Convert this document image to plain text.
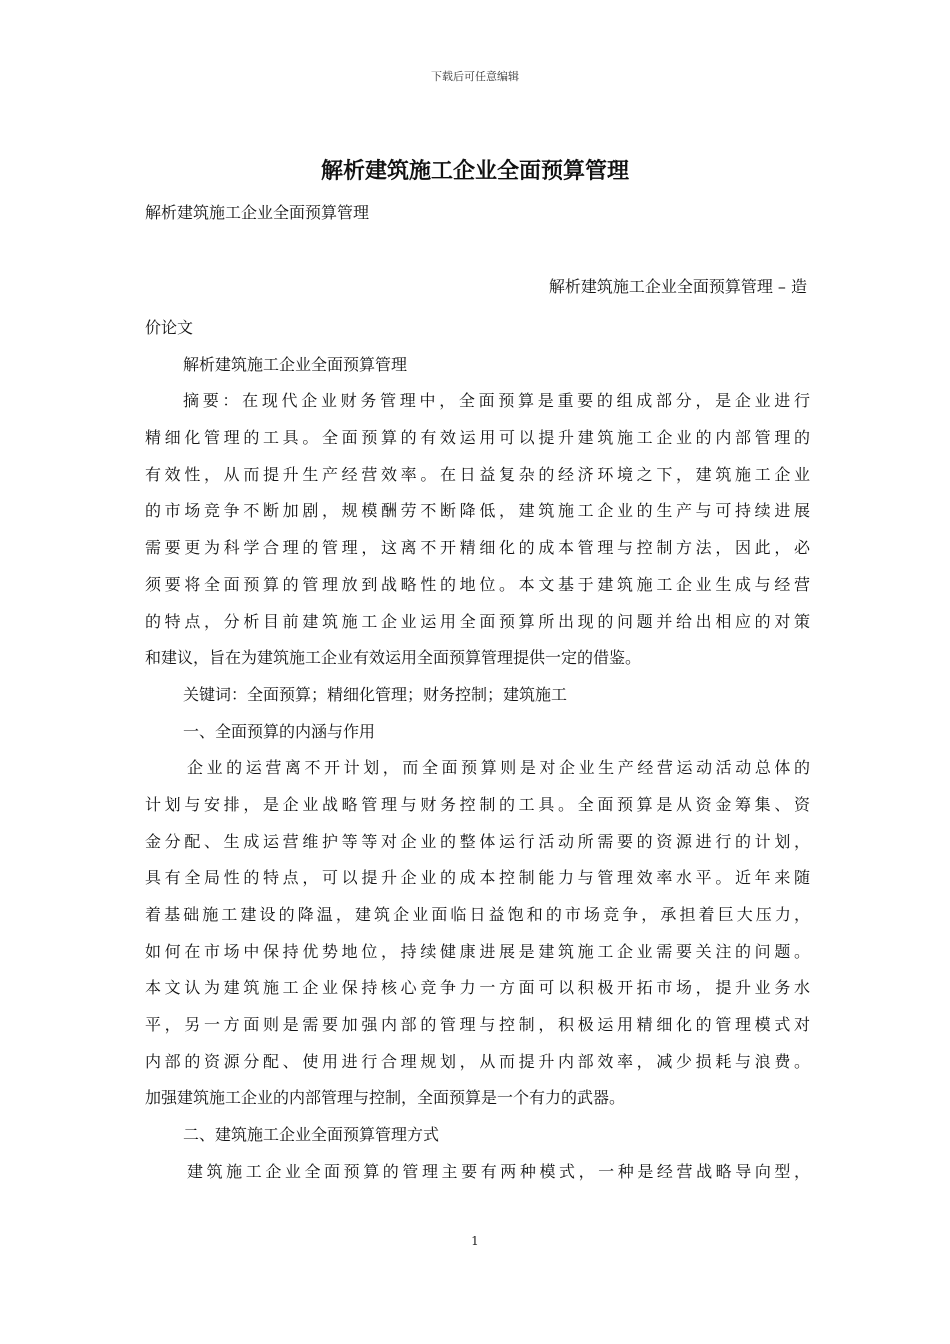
下载后可任意编辑
解析建筑施工企业全面预算管理
解析建筑施工企业全面预算管理
解析建筑施工企业全面预算管理 – 造
价论文
解析建筑施工企业全面预算管理
摘要：在现代企业财务管理中，全面预算是重要的组成部分，是企业进行
精细化管理的工具。全面预算的有效运用可以提升建筑施工企业的内部管理的
有效性，从而提升生产经营效率。在日益复杂的经济环境之下，建筑施工企业
的市场竞争不断加剧，规模酬劳不断降低，建筑施工企业的生产与可持续进展
需要更为科学合理的管理，这离不开精细化的成本管理与控制方法，因此，必
须要将全面预算的管理放到战略性的地位。本文基于建筑施工企业生成与经营
的特点，分析目前建筑施工企业运用全面预算所出现的问题并给出相应的对策
和建议，旨在为建筑施工企业有效运用全面预算管理提供一定的借鉴。
关键词：全面预算；精细化管理；财务控制；建筑施工
一、全面预算的内涵与作用
企业的运营离不开计划，而全面预算则是对企业生产经营运动活动总体的
计划与安排，是企业战略管理与财务控制的工具。全面预算是从资金筹集、资
金分配、生成运营维护等等对企业的整体运行活动所需要的资源进行的计划，
具有全局性的特点，可以提升企业的成本控制能力与管理效率水平。近年来随
着基础施工建设的降温，建筑企业面临日益饱和的市场竞争，承担着巨大压力，
如何在市场中保持优势地位，持续健康进展是建筑施工企业需要关注的问题。
本文认为建筑施工企业保持核心竞争力一方面可以积极开拓市场，提升业务水
平，另一方面则是需要加强内部的管理与控制，积极运用精细化的管理模式对
内部的资源分配、使用进行合理规划，从而提升内部效率，减少损耗与浪费。
加强建筑施工企业的内部管理与控制，全面预算是一个有力的武器。
二、建筑施工企业全面预算管理方式
建筑施工企业全面预算的管理主要有两种模式，一种是经营战略导向型，
1
